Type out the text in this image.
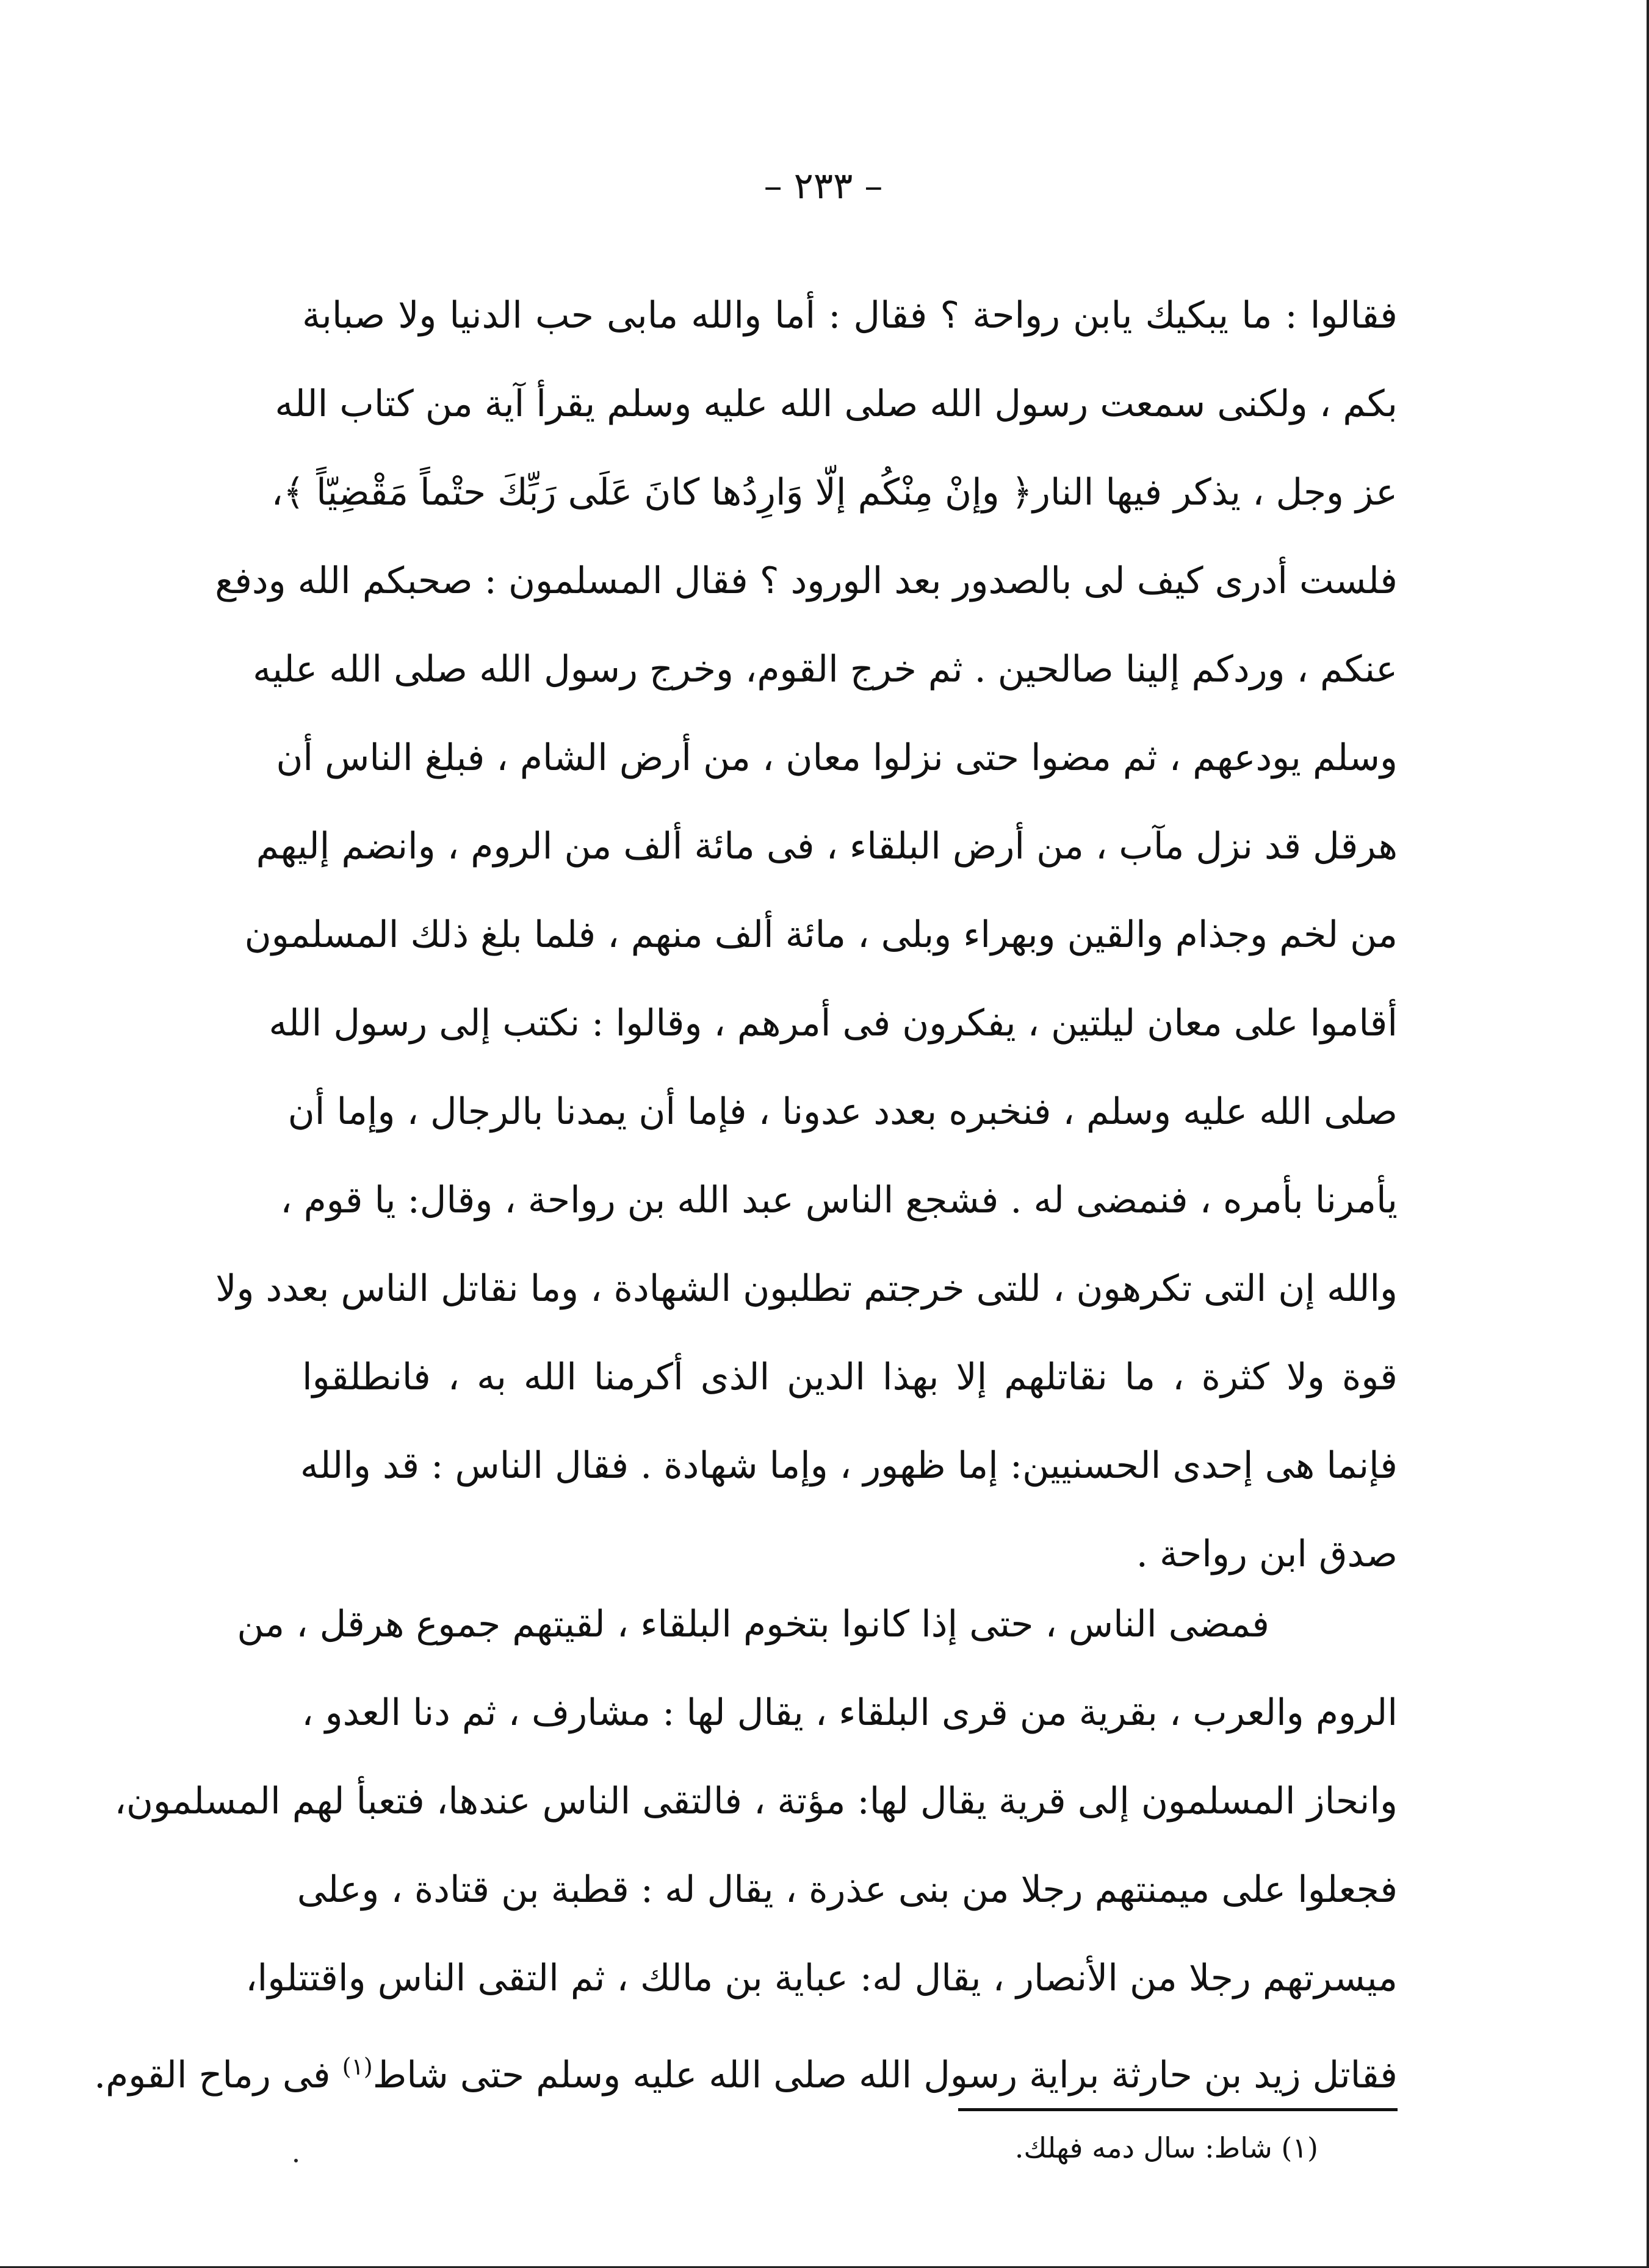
– ٢٣٣ –
فقالوا : ما يبكيك يابن رواحة ؟ فقال : أما والله مابى حب الدنيا ولا صبابة
بكم ، ولكنى سمعت رسول الله صلى الله عليه وسلم يقرأ آية من كتاب الله
عز وجل ، يذكر فيها النار﴿ وإنْ مِنْكُم إلّا وَارِدُها كانَ عَلَى رَبِّكَ حتْماً مَقْضِيّاً ﴾،
فلست أدرى كيف لى بالصدور بعد الورود ؟ فقال المسلمون : صحبكم الله ودفع
عنكم ، وردكم إلينا صالحين . ثم خرج القوم، وخرج رسول الله صلى الله عليه
وسلم يودعهم ، ثم مضوا حتى نزلوا معان ، من أرض الشام ، فبلغ الناس أن
هرقل قد نزل مآب ، من أرض البلقاء ، فى مائة ألف من الروم ، وانضم إليهم
من لخم وجذام والقين وبهراء وبلى ، مائة ألف منهم ، فلما بلغ ذلك المسلمون
أقاموا على معان ليلتين ، يفكرون فى أمرهم ، وقالوا : نكتب إلى رسول الله
صلى الله عليه وسلم ، فنخبره بعدد عدونا ، فإما أن يمدنا بالرجال ، وإما أن
يأمرنا بأمره ، فنمضى له . فشجع الناس عبد الله بن رواحة ، وقال: يا قوم ،
والله إن التى تكرهون ، للتى خرجتم تطلبون الشهادة ، وما نقاتل الناس بعدد ولا
قوة ولا كثرة ، ما نقاتلهم إلا بهذا الدين الذى أكرمنا الله به ، فانطلقوا
فإنما هى إحدى الحسنيين: إما ظهور ، وإما شهادة . فقال الناس : قد والله
صدق ابن رواحة .
فمضى الناس ، حتى إذا كانوا بتخوم البلقاء ، لقيتهم جموع هرقل ، من
الروم والعرب ، بقرية من قرى البلقاء ، يقال لها : مشارف ، ثم دنا العدو ،
وانحاز المسلمون إلى قرية يقال لها: مؤتة ، فالتقى الناس عندها، فتعبأ لهم المسلمون،
فجعلوا على ميمنتهم رجلا من بنى عذرة ، يقال له : قطبة بن قتادة ، وعلى
ميسرتهم رجلا من الأنصار ، يقال له: عباية بن مالك ، ثم التقى الناس واقتتلوا،
فقاتل زيد بن حارثة براية رسول الله صلى الله عليه وسلم حتى شاط$^{(١)}$ فى رماح القوم.
(١) شاط: سال دمه فهلك.
